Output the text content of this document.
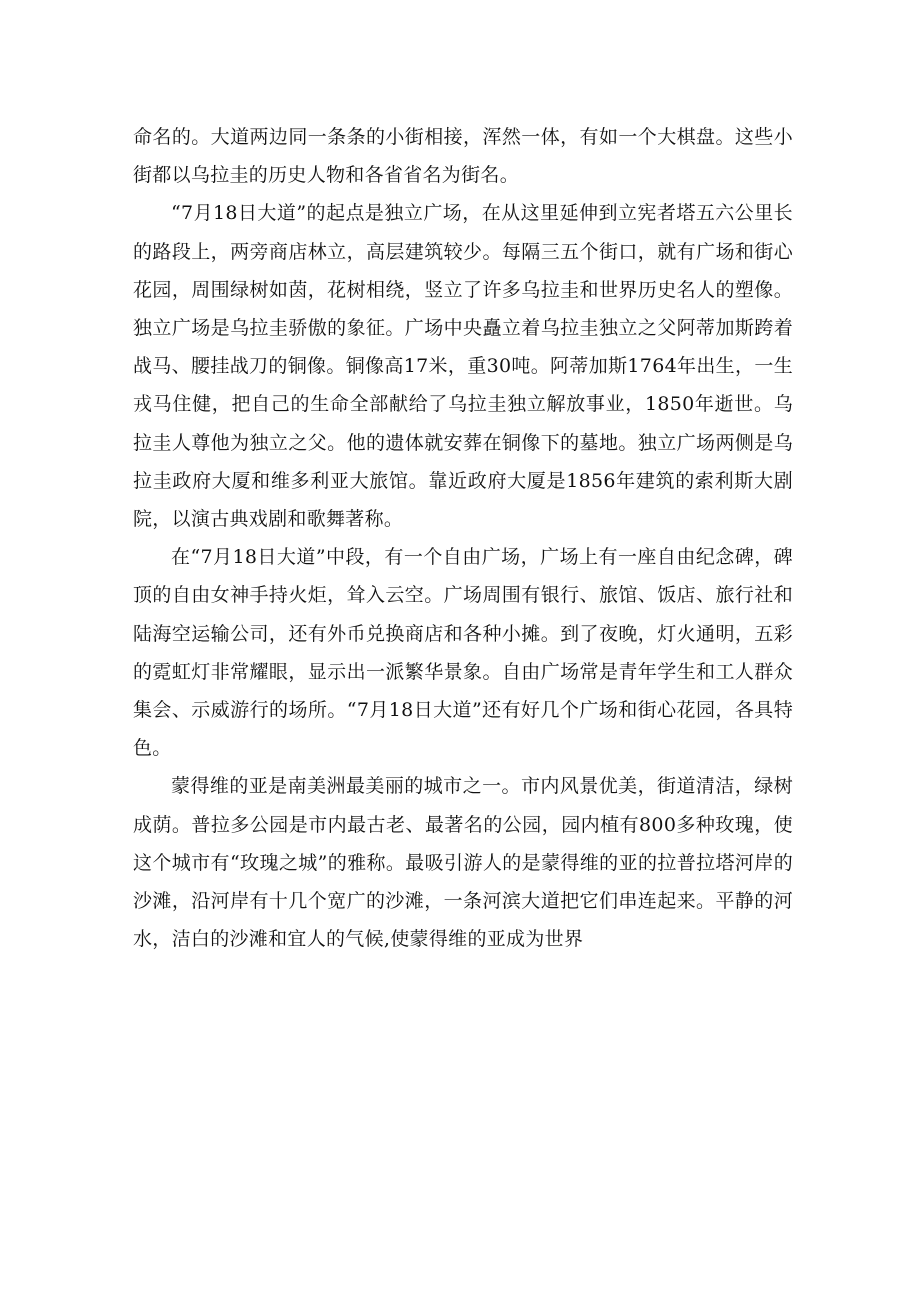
命名的。大道两边同一条条的小街相接，浑然一体，有如一个大棋盘。这些小街都以乌拉圭的历史人物和各省省名为街名。

“7月18日大道”的起点是独立广场，在从这里延伸到立宪者塔五六公里长的路段上，两旁商店林立，高层建筑较少。每隔三五个街口，就有广场和街心花园，周围绿树如茵，花树相绕，竖立了许多乌拉圭和世界历史名人的塑像。独立广场是乌拉圭骄傲的象征。广场中央矗立着乌拉圭独立之父阿蒂加斯跨着战马、腰挂战刀的铜像。铜像高17米，重30吨。阿蒂加斯1764年出生，一生戎马住健，把自己的生命全部献给了乌拉圭独立解放事业，1850年逝世。乌拉圭人尊他为独立之父。他的遗体就安葬在铜像下的墓地。独立广场两侧是乌拉圭政府大厦和维多利亚大旅馆。靠近政府大厦是1856年建筑的索利斯大剧院，以演古典戏剧和歌舞著称。

在“7月18日大道”中段，有一个自由广场，广场上有一座自由纪念碑，碑顶的自由女神手持火炬，耸入云空。广场周围有银行、旅馆、饭店、旅行社和陆海空运输公司，还有外币兑换商店和各种小摊。到了夜晚，灯火通明，五彩的霓虹灯非常耀眼，显示出一派繁华景象。自由广场常是青年学生和工人群众集会、示威游行的场所。“7月18日大道”还有好几个广场和街心花园，各具特色。

蒙得维的亚是南美洲最美丽的城市之一。市内风景优美，街道清洁，绿树成荫。普拉多公园是市内最古老、最著名的公园，园内植有800多种玫瑰，使这个城市有“玫瑰之城”的雅称。最吸引游人的是蒙得维的亚的拉普拉塔河岸的沙滩，沿河岸有十几个宽广的沙滩，一条河滨大道把它们串连起来。平静的河水，洁白的沙滩和宜人的气候,使蒙得维的亚成为世界
